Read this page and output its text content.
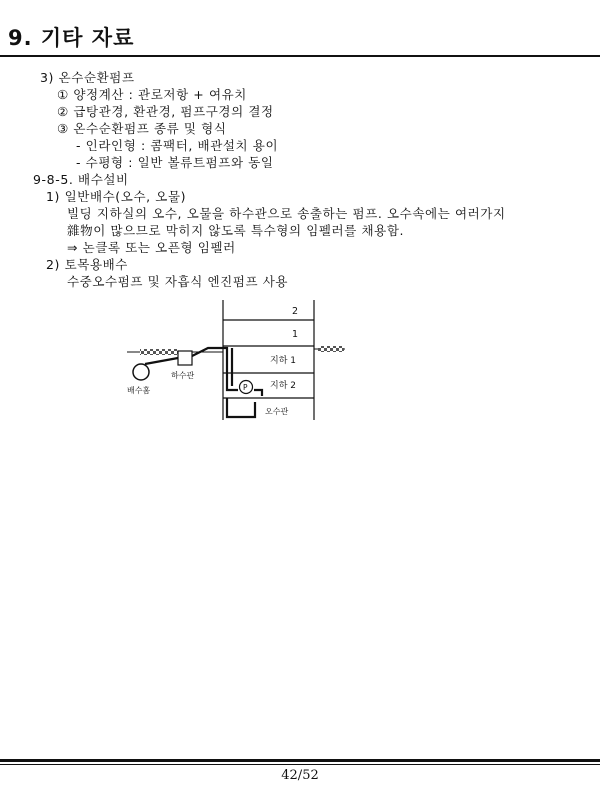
9. 기타 자료
3) 온수순환펌프
① 양정계산 : 관로저항 + 여유치
② 급탕관경, 환관경, 펌프구경의 결정
③ 온수순환펌프 종류 및 형식
- 인라인형 : 콤팩터, 배관설치 용이
- 수평형 : 일반 볼류트펌프와 동일
9-8-5. 배수설비
1) 일반배수(오수, 오물)
빌딩 지하실의 오수, 오물을 하수관으로 송출하는 펌프. 오수속에는 여러가지
雜物이 많으므로 막히지 않도록 특수형의 임펠러를 채용함.
⇒ 논클록 또는 오픈형 임펠러
2) 토목용배수
수중오수펌프 및 자흡식 엔진펌프 사용
2
1
지하 1
지하 2
P
하수관
배수홈
오수관
42/52
